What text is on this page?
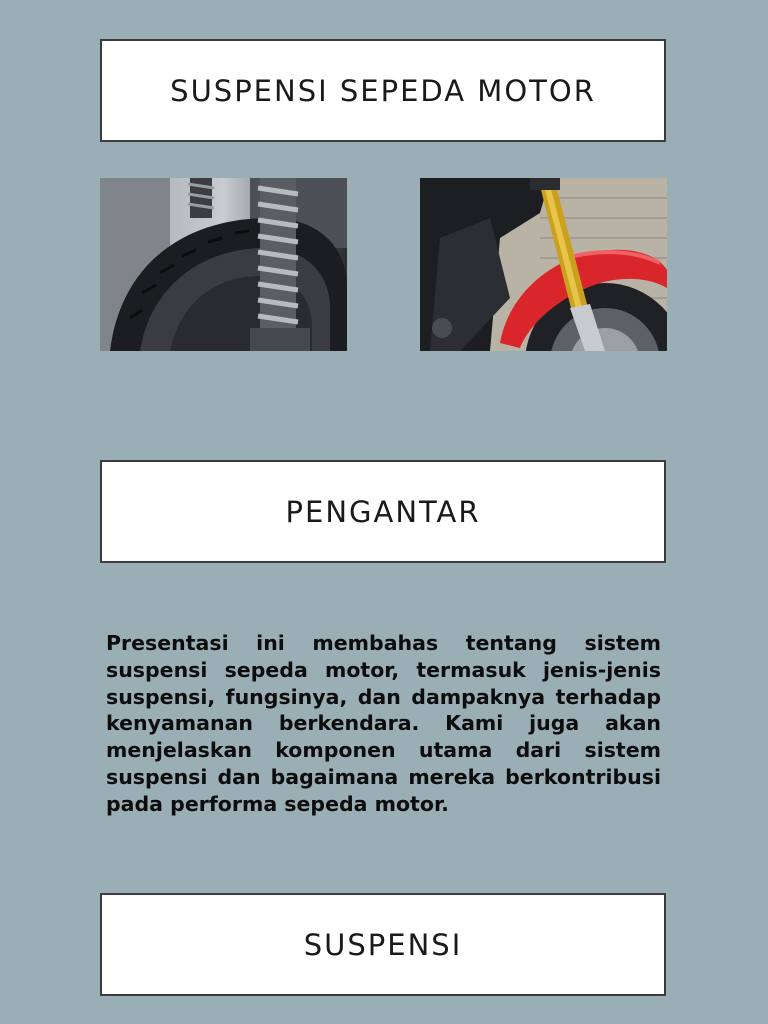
SUSPENSI SEPEDA MOTOR
PENGANTAR

Presentasi ini membahas tentang sistem suspensi sepeda motor, termasuk jenis-jenis suspensi, fungsinya, dan dampaknya terhadap kenyamanan berkendara. Kami juga akan menjelaskan komponen utama dari sistem suspensi dan bagaimana mereka berkontribusi pada performa sepeda motor.

SUSPENSI
